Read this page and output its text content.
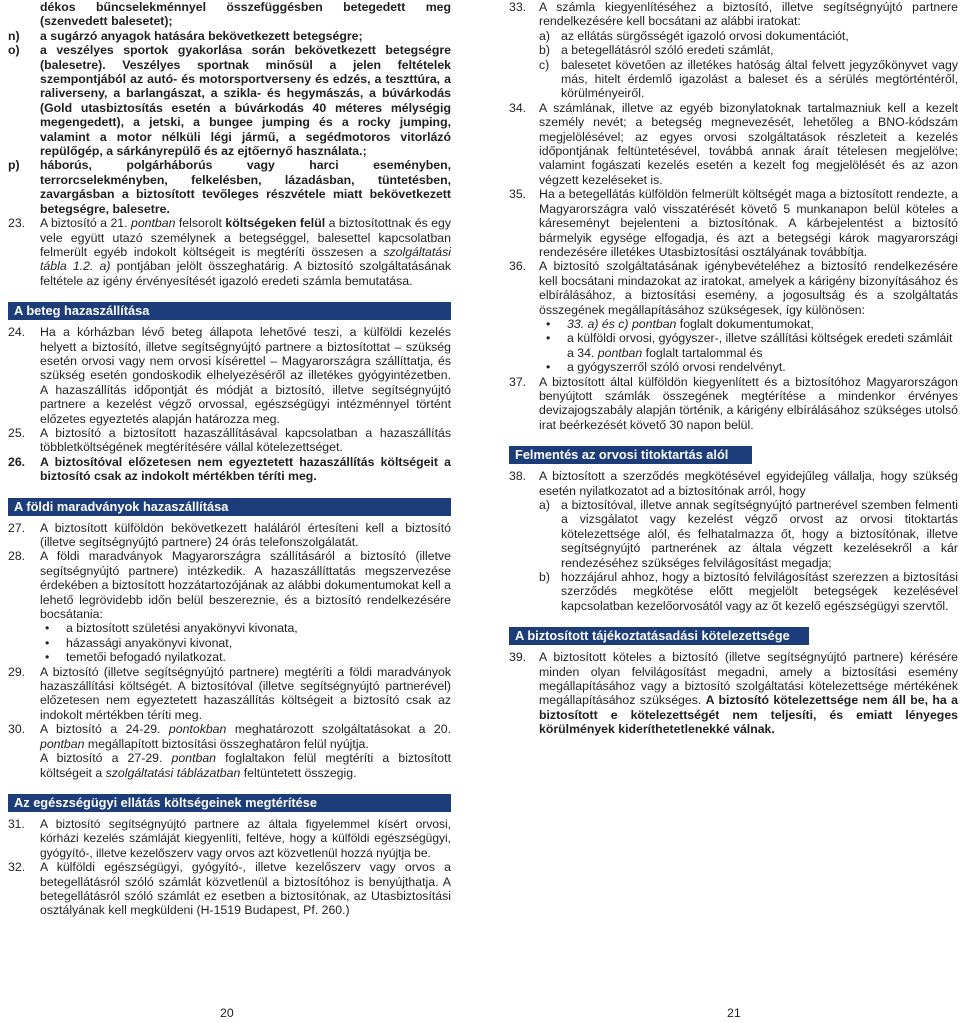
dékos bűncselekménnyel összefüggésben betegedett meg (szenvedett balesetet);

n) a sugárzó anyagok hatására bekövetkezett betegségre;

o) a veszélyes sportok gyakorlása során bekövetkezett betegségre (balesetre). Veszélyes sportnak minősül a jelen feltételek szempontjából az autó- és motorsportverseny és edzés, a teszttúra, a raliverseny, a barlangászat, a szikla- és hegymászás, a búvárkodás (Gold utasbiztosítás esetén a búvárkodás 40 méteres mélységig megengedett), a jetski, a bungee jumping és a rocky jumping, valamint a motor nélküli légi jármű, a segédmotoros vitorlázó repülőgép, a sárkányrepülő és az ejtőernyő használata.;

p) háborús, polgárháborús vagy harci eseményben, terrorcselekményben, felkelésben, lázadásban, tüntetésben, zavargásban a biztosított tevőleges részvétele miatt bekövetkezett betegségre, balesetre.

23. A biztosító a 21. pontban felsorolt költségeken felül a biztosítottnak és egy vele együtt utazó személynek a betegséggel, balesettel kapcsolatban felmerült egyéb indokolt költségeit is megtéríti összesen a szolgáltatási tábla 1.2. a) pontjában jelölt összeghatárig. A biztosító szolgáltatásának feltétele az igény érvényesítését igazoló eredeti számla bemutatása.

A beteg hazaszállítása

24. Ha a kórházban lévő beteg állapota lehetővé teszi, a külföldi kezelés helyett a biztosító, illetve segítségnyújtó partnere a biztosítottat – szükség esetén orvosi vagy nem orvosi kísérettel – Magyarországra szállíttatja, és szükség esetén gondoskodik elhelyezéséről az illetékes gyógyintézetben. A hazaszállítás időpontját és módját a biztosító, illetve segítségnyújtó partnere a kezelést végző orvossal, egészségügyi intézménnyel történt előzetes egyeztetés alapján határozza meg.

25. A biztosító a biztosított hazaszállításával kapcsolatban a hazaszállítás többletköltségének megtérítésére vállal kötelezettséget.

26. A biztosítóval előzetesen nem egyeztetett hazaszállítás költségeit a biztosító csak az indokolt mértékben téríti meg.

A földi maradványok hazaszállítása

27. A biztosított külföldön bekövetkezett haláláról értesíteni kell a biztosító (illetve segítségnyújtó partnere) 24 órás telefonszolgálatát.

28. A földi maradványok Magyarországra szállításáról a biztosító (illetve segítségnyújtó partnere) intézkedik. A hazaszállíttatás megszervezése érdekében a biztosított hozzátartozójának az alábbi dokumentumokat kell a lehető legrövidebb időn belül beszereznie, és a biztosító rendelkezésére bocsátania:

• a biztosított születési anyakönyvi kivonata,

• házassági anyakönyvi kivonat,

• temetői befogadó nyilatkozat.

29. A biztosító (illetve segítségnyújtó partnere) megtéríti a földi maradványok hazaszállítási költségét. A biztosítóval (illetve segítségnyújtó partnerével) előzetesen nem egyeztetett hazaszállítás költségeit a biztosító csak az indokolt mértékben téríti meg.

30. A biztosító a 24-29. pontokban meghatározott szolgáltatásokat a 20. pontban megállapított biztosítási összeghatáron felül nyújtja.
A biztosító a 27-29. pontban foglaltakon felül megtéríti a biztosított költségeit a szolgáltatási táblázatban feltüntetett összegig.

Az egészségügyi ellátás költségeinek megtérítése

31. A biztosító segítségnyújtó partnere az általa figyelemmel kísért orvosi, kórházi kezelés számláját kiegyenlíti, feltéve, hogy a külföldi egészségügyi, gyógyító-, illetve kezelőszerv vagy orvos azt közvetlenül hozzá nyújtja be.

32. A külföldi egészségügyi, gyógyító-, illetve kezelőszerv vagy orvos a betegellátásról szóló számlát közvetlenül a biztosítóhoz is benyújthatja. A betegellátásról szóló számlát ez esetben a biztosítónak, az Utasbiztosítási osztályának kell megküldeni (H-1519 Budapest, Pf. 260.)

33. A számla kiegyenlítéséhez a biztosító, illetve segítségnyújtó partnere rendelkezésére kell bocsátani az alábbi iratokat:

a) az ellátás sürgősségét igazoló orvosi dokumentációt,

b) a betegellátásról szóló eredeti számlát,

c) balesetet követően az illetékes hatóság által felvett jegyzőkönyvet vagy más, hitelt érdemlő igazolást a baleset és a sérülés megtörténtéről, körülményeiről.

34. A számlának, illetve az egyéb bizonylatoknak tartalmazniuk kell a kezelt személy nevét; a betegség megnevezését, lehetőleg a BNO-kódszám megjelölésével; az egyes orvosi szolgáltatások részleteit a kezelés időpontjának feltüntetésével, továbbá annak áraít tételesen megjelölve; valamint fogászati kezelés esetén a kezelt fog megjelölését és az azon végzett kezeléseket is.

35. Ha a betegellátás külföldön felmerült költségét maga a biztosított rendezte, a Magyarországra való visszatérését követő 5 munkanapon belül köteles a káreseményt bejelenteni a biztosítónak. A kárbejelentést a biztosító bármelyik egysége elfogadja, és azt a betegségi károk magyarországi rendezésére illetékes Utasbiztosítási osztályának továbbítja.

36. A biztosító szolgáltatásának igénybevételéhez a biztosító rendelkezésére kell bocsátani mindazokat az iratokat, amelyek a kárigény bizonyításához és elbírálásához, a biztosítási esemény, a jogosultság és a szolgáltatás összegének megállapításához szükségesek, így különösen:

• 33. a) és c) pontban foglalt dokumentumokat,

• a külföldi orvosi, gyógyszer-, illetve szállítási költségek eredeti számláit a 34. pontban foglalt tartalommal és

• a gyógyszerről szóló orvosi rendelvényt.

37. A biztosított által külföldön kiegyenlített és a biztosítóhoz Magyarországon benyújtott számlák összegének megtérítése a mindenkor érvényes devizajogszabály alapján történik, a kárigény elbírálásához szükséges utolsó irat beérkezését követő 30 napon belül.

Felmentés az orvosi titoktartás alól

38. A biztosított a szerződés megkötésével egyidejűleg vállalja, hogy szükség esetén nyilatkozatot ad a biztosítónak arról, hogy

a) a biztosítóval, illetve annak segítségnyújtó partnerével szemben felmenti a vizsgálatot vagy kezelést végző orvost az orvosi titoktartás kötelezettsége alól, és felhatalmazza őt, hogy a biztosítónak, illetve segítségnyújtó partnerének az általa végzett kezelésekről a kár rendezéséhez szükséges felvilágosítást megadja;

b) hozzájárul ahhoz, hogy a biztosító felvilágosítást szerezzen a biztosítási szerződés megkötése előtt megjelölt betegségek kezelésével kapcsolatban kezelőorvosától vagy az őt kezelő egészségügyi szervtől.

A biztosított tájékoztatásadási kötelezettsége

39. A biztosított köteles a biztosító (illetve segítségnyújtó partnere) kérésére minden olyan felvilágosítást megadni, amely a biztosítási esemény megállapításához vagy a biztosító szolgáltatási kötelezettsége mértékének megállapításához szükséges. A biztosító kötelezettsége nem áll be, ha a biztosított e kötelezettségét nem teljesíti, és emiatt lényeges körülmények kideríthetetlenekké válnak.

20	21
